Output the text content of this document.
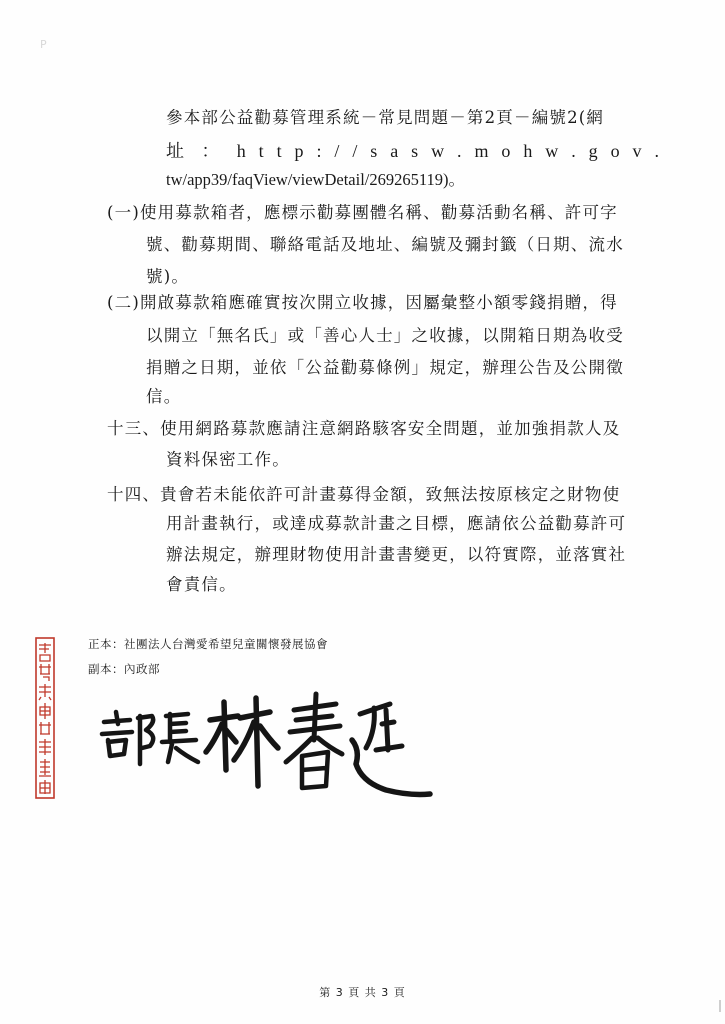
P
參本部公益勸募管理系統－常見問題－第2頁－編號2(網
址 ： h t t p : / / s a s w . m o h w . g o v .
tw/app39/faqView/viewDetail/269265119)。
(一)使用募款箱者，應標示勸募團體名稱、勸募活動名稱、許可字
號、勸募期間、聯絡電話及地址、編號及彌封籤（日期、流水
號)。
(二)開啟募款箱應確實按次開立收據，因屬彙整小額零錢捐贈，得
以開立「無名氏」或「善心人士」之收據，以開箱日期為收受
捐贈之日期，並依「公益勸募條例」規定，辦理公告及公開徵
信。
十三、使用網路募款應請注意網路駭客安全問題，並加強捐款人及
資料保密工作。
十四、貴會若未能依許可計畫募得金額，致無法按原核定之財物使
用計畫執行，或達成募款計畫之目標，應請依公益勸募許可
辦法規定，辦理財物使用計畫書變更，以符實際，並落實社
會責信。
正本：社團法人台灣愛希望兒童關懷發展協會
副本：內政部
第 3 頁 共 3 頁
